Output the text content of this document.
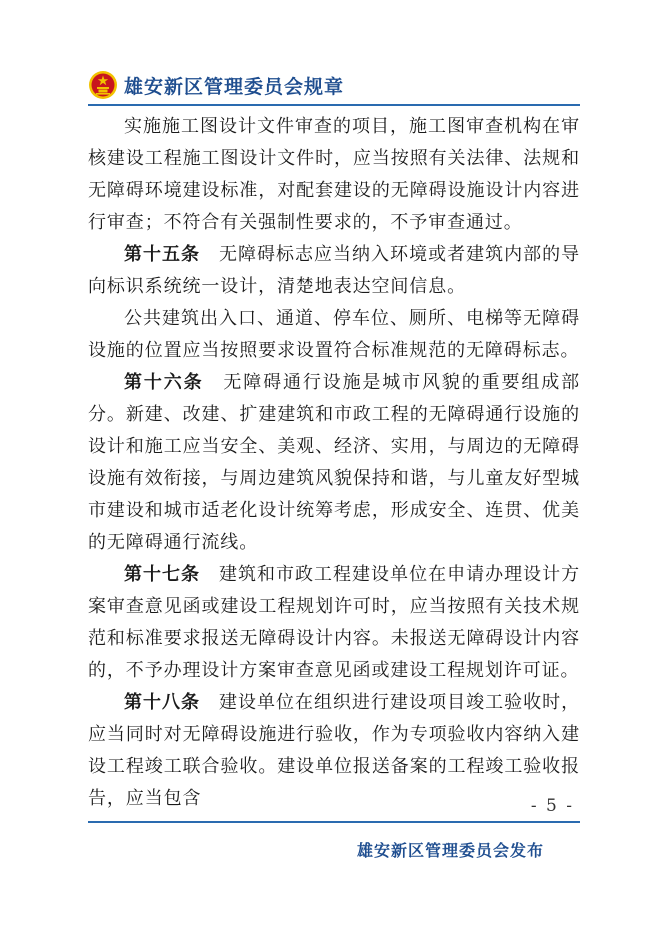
雄安新区管理委员会规章

实施施工图设计文件审查的项目，施工图审查机构在审核建设工程施工图设计文件时，应当按照有关法律、法规和无障碍环境建设标准，对配套建设的无障碍设施设计内容进行审查；不符合有关强制性要求的，不予审查通过。

第十五条　 无障碍标志应当纳入环境或者建筑内部的导向标识系统统一设计，清楚地表达空间信息。

公共建筑出入口、通道、停车位、厕所、电梯等无障碍设施的位置应当按照要求设置符合标准规范的无障碍标志。

第十六条　 无障碍通行设施是城市风貌的重要组成部分。新建、改建、扩建建筑和市政工程的无障碍通行设施的设计和施工应当安全、美观、经济、实用，与周边的无障碍设施有效衔接，与周边建筑风貌保持和谐，与儿童友好型城市建设和城市适老化设计统筹考虑，形成安全、连贯、优美的无障碍通行流线。

第十七条　 建筑和市政工程建设单位在申请办理设计方案审查意见函或建设工程规划许可时，应当按照有关技术规范和标准要求报送无障碍设计内容。未报送无障碍设计内容的，不予办理设计方案审查意见函或建设工程规划许可证。

第十八条　 建设单位在组织进行建设项目竣工验收时，应当同时对无障碍设施进行验收，作为专项验收内容纳入建设工程竣工联合验收。建设单位报送备案的工程竣工验收报告，应当包含	- 5 -
雄安新区管理委员会发布
